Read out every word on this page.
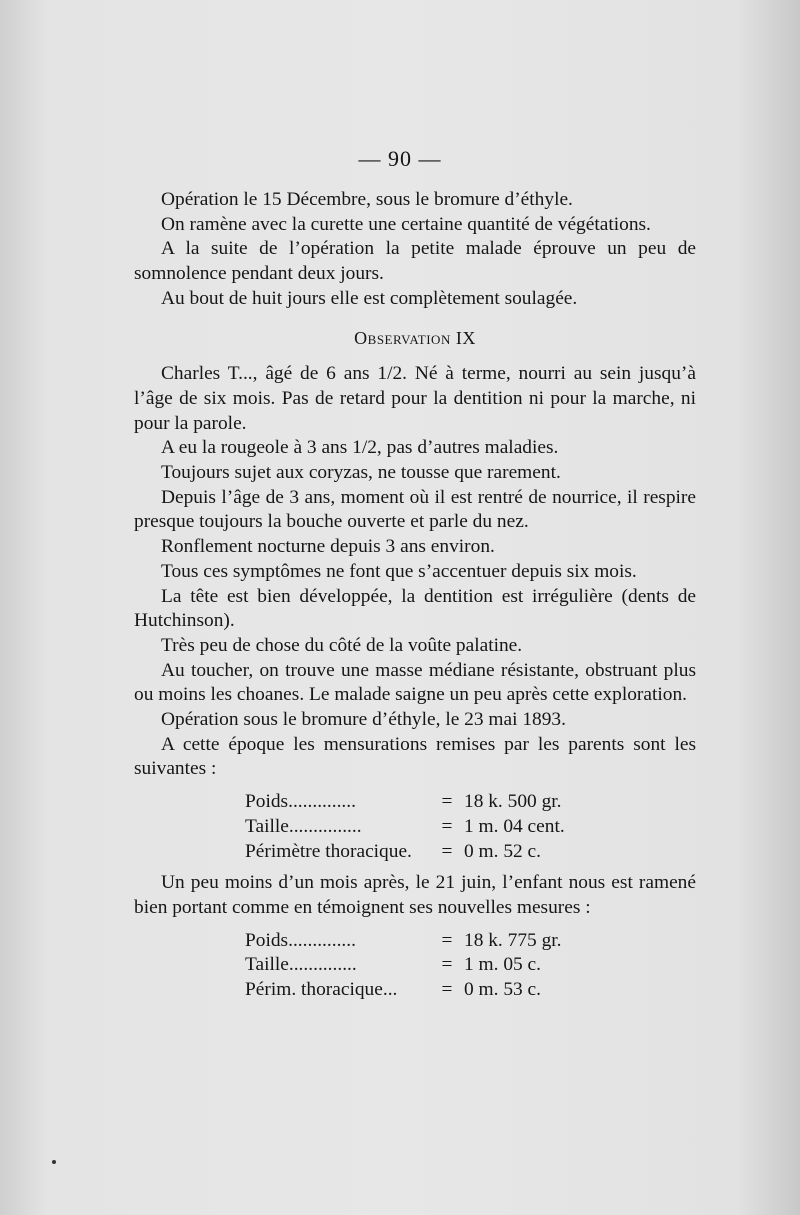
— 90 —

Opération le 15 Décembre, sous le bromure d’éthyle.

On ramène avec la curette une certaine quantité de végétations.

A la suite de l’opération la petite malade éprouve un peu de somnolence pendant deux jours.

Au bout de huit jours elle est complètement soulagée.

Observation IX

Charles T..., âgé de 6 ans 1/2. Né à terme, nourri au sein jusqu’à l’âge de six mois. Pas de retard pour la dentition ni pour la marche, ni pour la parole.

A eu la rougeole à 3 ans 1/2, pas d’autres maladies.

Toujours sujet aux coryzas, ne tousse que rarement.

Depuis l’âge de 3 ans, moment où il est rentré de nourrice, il respire presque toujours la bouche ouverte et parle du nez.

Ronflement nocturne depuis 3 ans environ.

Tous ces symptômes ne font que s’accentuer depuis six mois.

La tête est bien développée, la dentition est irrégulière (dents de Hutchinson).

Très peu de chose du côté de la voûte palatine.

Au toucher, on trouve une masse médiane résistante, obstruant plus ou moins les choanes. Le malade saigne un peu après cette exploration.

Opération sous le bromure d’éthyle, le 23 mai 1893.

A cette époque les mensurations remises par les parents sont les suivantes :

Poids..............	= 18 k. 500 gr.
Taille...............	= 1 m. 04 cent.
Périmètre thoracique.	= 0 m. 52 c.

Un peu moins d’un mois après, le 21 juin, l’enfant nous est ramené bien portant comme en témoignent ses nouvelles mesures :

Poids..............	= 18 k. 775 gr.
Taille..............	= 1 m. 05 c.
Périm. thoracique...	= 0 m. 53 c.
